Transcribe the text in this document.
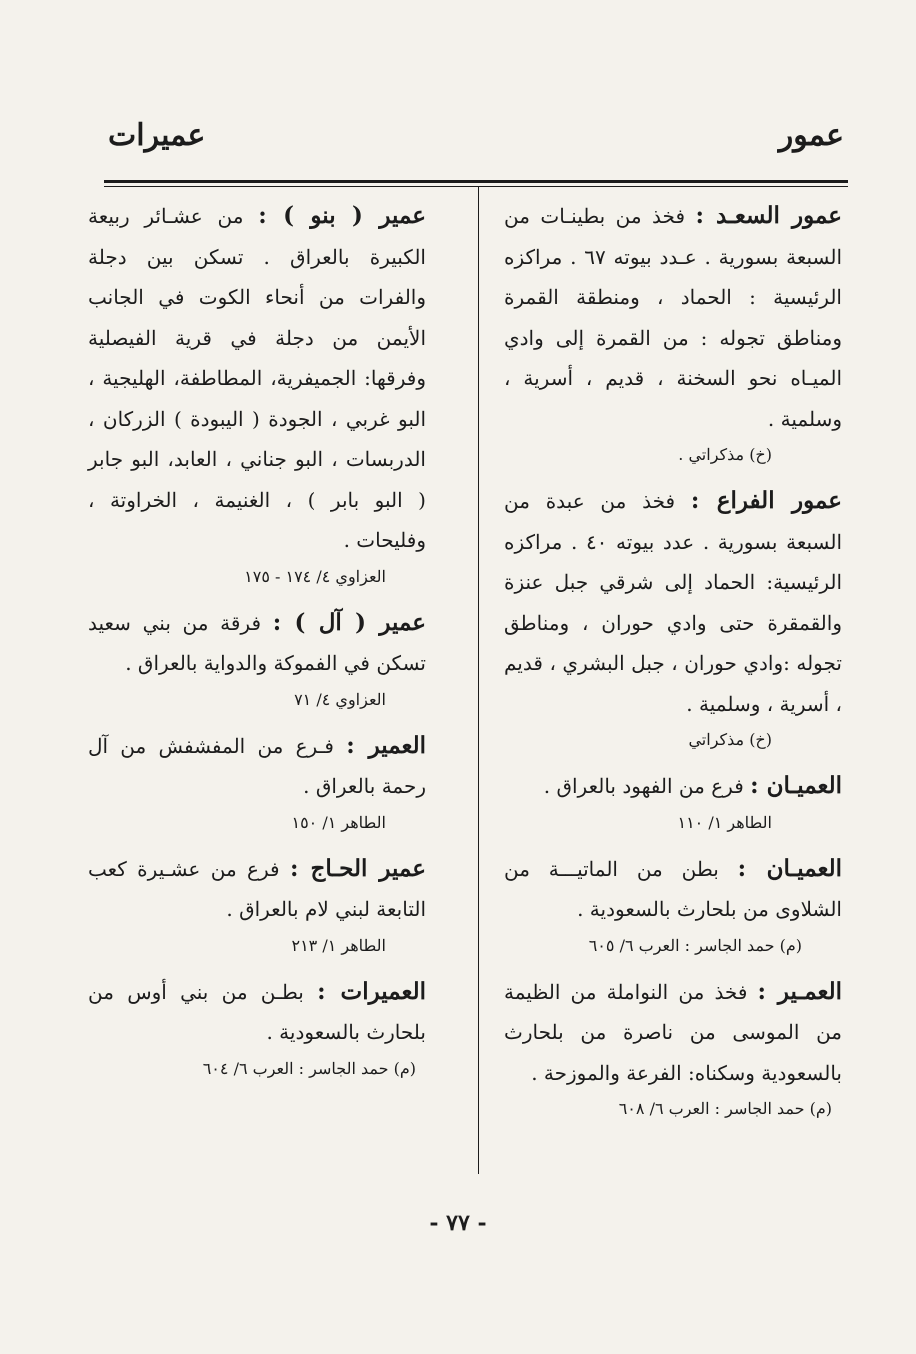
عمور
عميرات

عمور السعـد : فخذ من بطينـات من السبعة بسورية . عـدد بيوته ٦٧ . مراكزه الرئيسية : الحماد ، ومنطقة القمرة ومناطق تجوله : من القمرة إلى وادي الميـاه نحو السخنة ، قديم ، أسرية ، وسلمية .

(خ) مذكراتي .

عمور الفراع : فخذ من عبدة من السبعة بسورية . عدد بيوته ٤٠ . مراكزه الرئيسية: الحماد إلى شرقي جبل عنزة والقمقرة حتى وادي حوران ، ومناطق تجوله :وادي حوران ، جبل البشري ، قديم ، أسرية ، وسلمية .

(خ) مذكراتي

العميـان : فرع من الفهود بالعراق .

الطاهر ١/ ١١٠

العميـان : بطن من الماتيـــة من الشلاوى من بلحارث بالسعودية .

(م) حمد الجاسر : العرب ٦/ ٦٠٥

العمـير : فخذ من النواملة من الظيمة من الموسى من ناصرة من بلحارث بالسعودية وسكناه: الفرعة والموزحة .

(م) حمد الجاسر : العرب ٦/ ٦٠٨

عمير ( بنو ) : من عشـائر ربيعة الكبيرة بالعراق . تسكن بين دجلة والفرات من أنحاء الكوت في الجانب الأيمن من دجلة في قرية الفيصلية وفرقها: الجميفرية، المطاطفة، الهليجية ، البو غربي ، الجودة ( اليبودة ) الزركان ، الدربسات ، البو جناني ، العابد، البو جابر ( البو بابر ) ، الغنيمة ، الخراوتة ، وفليحات .

العزاوي ٤/ ١٧٤ - ١٧٥

عمير ( آل ) : فرقة من بني سعيد تسكن في الفموكة والدواية بالعراق .

العزاوي ٤/ ٧١

العمير : فـرع من المفشفش من آل رحمة بالعراق .

الطاهر ١/ ١٥٠

عمير الحـاج : فرع من عشـيرة كعب التابعة لبني لام بالعراق .

الطاهر ١/ ٢١٣

العميرات : بطـن من بني أوس من بلحارث بالسعودية .

(م) حمد الجاسر : العرب ٦/ ٦٠٤

- ٧٧ -
